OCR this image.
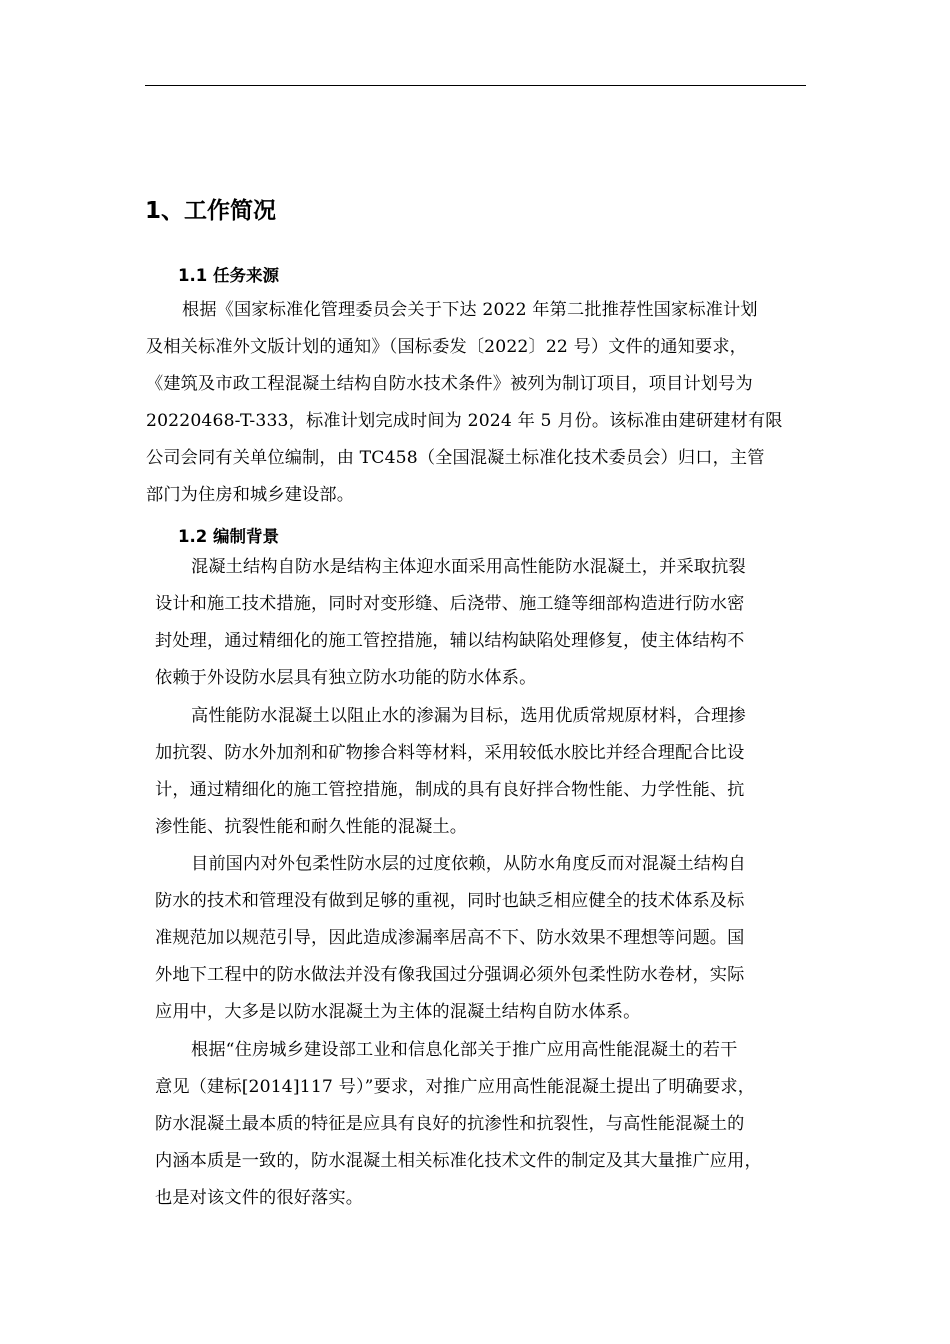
1、工作简况
1.1 任务来源
根据《国家标准化管理委员会关于下达 2022 年第二批推荐性国家标准计划
及相关标准外文版计划的通知》（国标委发〔2022〕22 号）文件的通知要求，
《建筑及市政工程混凝土结构自防水技术条件》被列为制订项目，项目计划号为
20220468-T-333，标准计划完成时间为 2024 年 5 月份。该标准由建研建材有限
公司会同有关单位编制，由 TC458（全国混凝土标准化技术委员会）归口，主管
部门为住房和城乡建设部。
1.2 编制背景
混凝土结构自防水是结构主体迎水面采用高性能防水混凝土，并采取抗裂
设计和施工技术措施，同时对变形缝、后浇带、施工缝等细部构造进行防水密
封处理，通过精细化的施工管控措施，辅以结构缺陷处理修复，使主体结构不
依赖于外设防水层具有独立防水功能的防水体系。
高性能防水混凝土以阻止水的渗漏为目标，选用优质常规原材料，合理掺
加抗裂、防水外加剂和矿物掺合料等材料，采用较低水胶比并经合理配合比设
计，通过精细化的施工管控措施，制成的具有良好拌合物性能、力学性能、抗
渗性能、抗裂性能和耐久性能的混凝土。
目前国内对外包柔性防水层的过度依赖，从防水角度反而对混凝土结构自
防水的技术和管理没有做到足够的重视，同时也缺乏相应健全的技术体系及标
准规范加以规范引导，因此造成渗漏率居高不下、防水效果不理想等问题。国
外地下工程中的防水做法并没有像我国过分强调必须外包柔性防水卷材，实际
应用中，大多是以防水混凝土为主体的混凝土结构自防水体系。
根据“住房城乡建设部工业和信息化部关于推广应用高性能混凝土的若干
意见（建标[2014]117 号）”要求，对推广应用高性能混凝土提出了明确要求，
防水混凝土最本质的特征是应具有良好的抗渗性和抗裂性，与高性能混凝土的
内涵本质是一致的，防水混凝土相关标准化技术文件的制定及其大量推广应用，
也是对该文件的很好落实。
